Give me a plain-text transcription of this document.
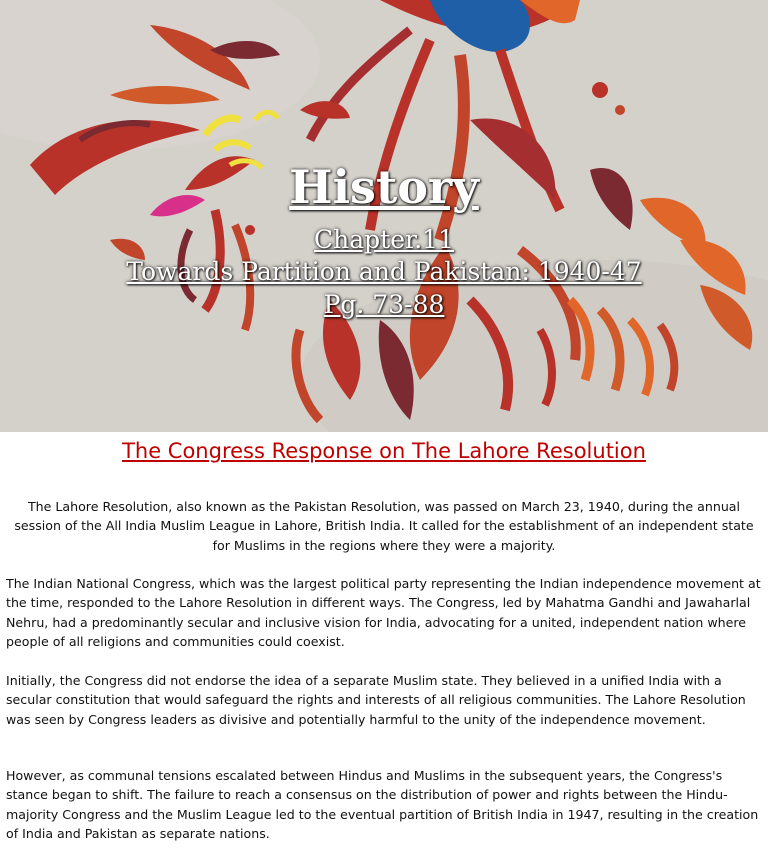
History
Chapter.11
Towards Partition and Pakistan: 1940-47
Pg. 73-88
The Congress Response on The Lahore Resolution

The Lahore Resolution, also known as the Pakistan Resolution, was passed on March 23, 1940, during the annual session of the All India Muslim League in Lahore, British India. It called for the establishment of an independent state for Muslims in the regions where they were a majority.

The Indian National Congress, which was the largest political party representing the Indian independence movement at the time, responded to the Lahore Resolution in different ways. The Congress, led by Mahatma Gandhi and Jawaharlal Nehru, had a predominantly secular and inclusive vision for India, advocating for a united, independent nation where people of all religions and communities could coexist.

Initially, the Congress did not endorse the idea of a separate Muslim state. They believed in a unified India with a secular constitution that would safeguard the rights and interests of all religious communities. The Lahore Resolution was seen by Congress leaders as divisive and potentially harmful to the unity of the independence movement.

However, as communal tensions escalated between Hindus and Muslims in the subsequent years, the Congress's stance began to shift. The failure to reach a consensus on the distribution of power and rights between the Hindu-majority Congress and the Muslim League led to the eventual partition of British India in 1947, resulting in the creation of India and Pakistan as separate nations.
